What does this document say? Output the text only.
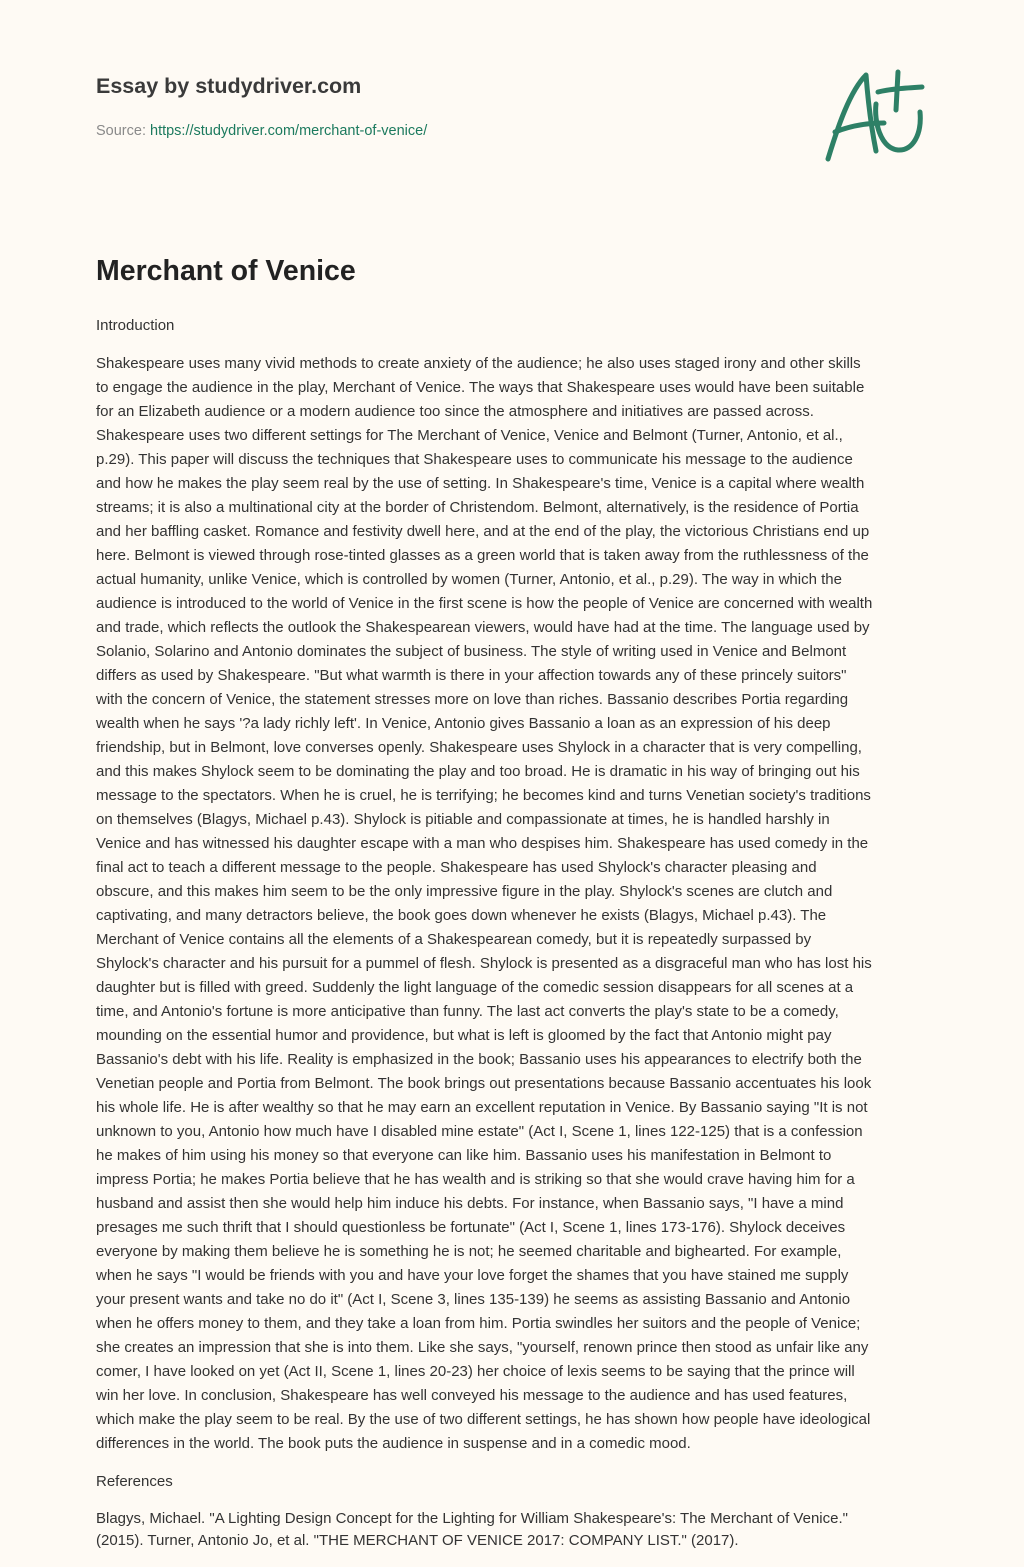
Essay by studydriver.com

Source: https://studydriver.com/merchant-of-venice/

Merchant of Venice

Introduction

Shakespeare uses many vivid methods to create anxiety of the audience; he also uses staged irony and other skills
to engage the audience in the play, Merchant of Venice. The ways that Shakespeare uses would have been suitable
for an Elizabeth audience or a modern audience too since the atmosphere and initiatives are passed across.
Shakespeare uses two different settings for The Merchant of Venice, Venice and Belmont (Turner, Antonio, et al.,
p.29). This paper will discuss the techniques that Shakespeare uses to communicate his message to the audience
and how he makes the play seem real by the use of setting. In Shakespeare's time, Venice is a capital where wealth
streams; it is also a multinational city at the border of Christendom. Belmont, alternatively, is the residence of Portia
and her baffling casket. Romance and festivity dwell here, and at the end of the play, the victorious Christians end up
here. Belmont is viewed through rose-tinted glasses as a green world that is taken away from the ruthlessness of the
actual humanity, unlike Venice, which is controlled by women (Turner, Antonio, et al., p.29). The way in which the
audience is introduced to the world of Venice in the first scene is how the people of Venice are concerned with wealth
and trade, which reflects the outlook the Shakespearean viewers, would have had at the time. The language used by
Solanio, Solarino and Antonio dominates the subject of business. The style of writing used in Venice and Belmont
differs as used by Shakespeare. "But what warmth is there in your affection towards any of these princely suitors"
with the concern of Venice, the statement stresses more on love than riches. Bassanio describes Portia regarding
wealth when he says '?a lady richly left'. In Venice, Antonio gives Bassanio a loan as an expression of his deep
friendship, but in Belmont, love converses openly. Shakespeare uses Shylock in a character that is very compelling,
and this makes Shylock seem to be dominating the play and too broad. He is dramatic in his way of bringing out his
message to the spectators. When he is cruel, he is terrifying; he becomes kind and turns Venetian society's traditions
on themselves (Blagys, Michael p.43). Shylock is pitiable and compassionate at times, he is handled harshly in
Venice and has witnessed his daughter escape with a man who despises him. Shakespeare has used comedy in the
final act to teach a different message to the people. Shakespeare has used Shylock's character pleasing and
obscure, and this makes him seem to be the only impressive figure in the play. Shylock's scenes are clutch and
captivating, and many detractors believe, the book goes down whenever he exists (Blagys, Michael p.43). The
Merchant of Venice contains all the elements of a Shakespearean comedy, but it is repeatedly surpassed by
Shylock's character and his pursuit for a pummel of flesh. Shylock is presented as a disgraceful man who has lost his
daughter but is filled with greed. Suddenly the light language of the comedic session disappears for all scenes at a
time, and Antonio's fortune is more anticipative than funny. The last act converts the play's state to be a comedy,
mounding on the essential humor and providence, but what is left is gloomed by the fact that Antonio might pay
Bassanio's debt with his life. Reality is emphasized in the book; Bassanio uses his appearances to electrify both the
Venetian people and Portia from Belmont. The book brings out presentations because Bassanio accentuates his look
his whole life. He is after wealthy so that he may earn an excellent reputation in Venice. By Bassanio saying "It is not
unknown to you, Antonio how much have I disabled mine estate" (Act I, Scene 1, lines 122-125) that is a confession
he makes of him using his money so that everyone can like him. Bassanio uses his manifestation in Belmont to
impress Portia; he makes Portia believe that he has wealth and is striking so that she would crave having him for a
husband and assist then she would help him induce his debts. For instance, when Bassanio says, "I have a mind
presages me such thrift that I should questionless be fortunate" (Act I, Scene 1, lines 173-176). Shylock deceives
everyone by making them believe he is something he is not; he seemed charitable and bighearted. For example,
when he says "I would be friends with you and have your love forget the shames that you have stained me supply
your present wants and take no do it" (Act I, Scene 3, lines 135-139) he seems as assisting Bassanio and Antonio
when he offers money to them, and they take a loan from him. Portia swindles her suitors and the people of Venice;
she creates an impression that she is into them. Like she says, "yourself, renown prince then stood as unfair like any
comer, I have looked on yet (Act II, Scene 1, lines 20-23) her choice of lexis seems to be saying that the prince will
win her love. In conclusion, Shakespeare has well conveyed his message to the audience and has used features,
which make the play seem to be real. By the use of two different settings, he has shown how people have ideological
differences in the world. The book puts the audience in suspense and in a comedic mood.

References

Blagys, Michael. "A Lighting Design Concept for the Lighting for William Shakespeare's: The Merchant of Venice."
(2015). Turner, Antonio Jo, et al. "THE MERCHANT OF VENICE 2017: COMPANY LIST." (2017).
